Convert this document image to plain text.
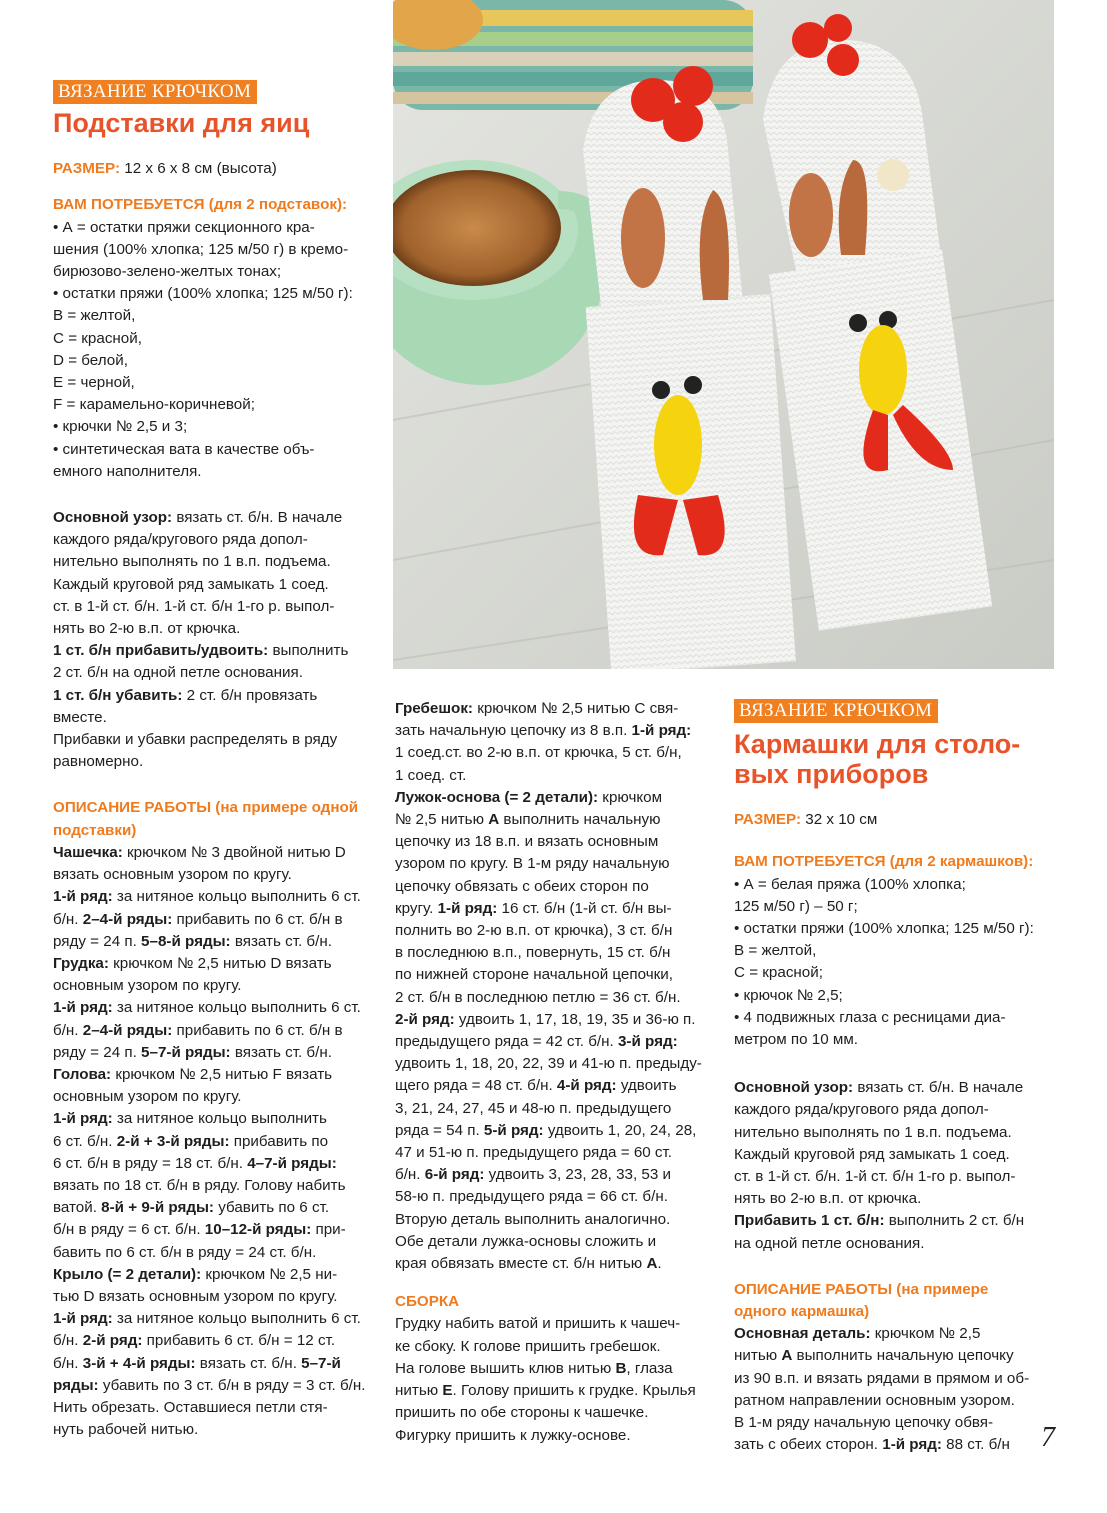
ВЯЗАНИЕ КРЮЧКОМ
Подставки для яиц

РАЗМЕР: 12 х 6 х 8 см (высота)

ВАМ ПОТРЕБУЕТСЯ (для 2 подставок):

• А = остатки пряжи секционного кра-

шения (100% хлопка; 125 м/50 г) в кремо-

бирюзово-зелено-желтых тонах;

• остатки пряжи (100% хлопка; 125 м/50 г):

В = желтой,

С = красной,

D = белой,

Е = черной,

F = карамельно-коричневой;

• крючки № 2,5 и 3;

• синтетическая вата в качестве объ-

емного наполнителя.

Основной узор: вязать ст. б/н. В начале

каждого ряда/кругового ряда допол-

нительно выполнять по 1 в.п. подъема.

Каждый круговой ряд замыкать 1 соед.

ст. в 1-й ст. б/н. 1-й ст. б/н 1-го р. выпол-

нять во 2-ю в.п. от крючка.

1 ст. б/н прибавить/удвоить: выполнить

2 ст. б/н на одной петле основания.

1 ст. б/н убавить: 2 ст. б/н провязать

вместе.

Прибавки и убавки распределять в ряду

равномерно.

ОПИСАНИЕ РАБОТЫ (на примере одной

подставки)

Чашечка: крючком № 3 двойной нитью D

вязать основным узором по кругу.

1-й ряд: за нитяное кольцо выполнить 6 ст.

б/н. 2–4-й ряды: прибавить по 6 ст. б/н в

ряду = 24 п. 5–8-й ряды: вязать ст. б/н.

Грудка: крючком № 2,5 нитью D вязать

основным узором по кругу.

1-й ряд: за нитяное кольцо выполнить 6 ст.

б/н. 2–4-й ряды: прибавить по 6 ст. б/н в

ряду = 24 п. 5–7-й ряды: вязать ст. б/н.

Голова: крючком № 2,5 нитью F вязать

основным узором по кругу.

1-й ряд: за нитяное кольцо выполнить

6 ст. б/н. 2-й + 3-й ряды: прибавить по

6 ст. б/н в ряду = 18 ст. б/н. 4–7-й ряды:

вязать по 18 ст. б/н в ряду. Голову набить

ватой. 8-й + 9-й ряды: убавить по 6 ст.

б/н в ряду = 6 ст. б/н. 10–12-й ряды: при-

бавить по 6 ст. б/н в ряду = 24 ст. б/н.

Крыло (= 2 детали): крючком № 2,5 ни-

тью D вязать основным узором по кругу.

1-й ряд: за нитяное кольцо выполнить 6 ст.

б/н. 2-й ряд: прибавить 6 ст. б/н = 12 ст.

б/н. 3-й + 4-й ряды: вязать ст. б/н. 5–7-й

ряды: убавить по 3 ст. б/н в ряду = 3 ст. б/н.

Нить обрезать. Оставшиеся петли стя-

нуть рабочей нитью.

Гребешок: крючком № 2,5 нитью С свя-

зать начальную цепочку из 8 в.п. 1-й ряд:

1 соед.ст. во 2-ю в.п. от крючка, 5 ст. б/н,

1 соед. ст.

Лужок-основа (= 2 детали): крючком

№ 2,5 нитью А выполнить начальную

цепочку из 18 в.п. и вязать основным

узором по кругу. В 1-м ряду начальную

цепочку обвязать с обеих сторон по

кругу. 1-й ряд: 16 ст. б/н (1-й ст. б/н вы-

полнить во 2-ю в.п. от крючка), 3 ст. б/н

в последнюю в.п., повернуть, 15 ст. б/н

по нижней стороне начальной цепочки,

2 ст. б/н в последнюю петлю = 36 ст. б/н.

2-й ряд: удвоить 1, 17, 18, 19, 35 и 36-ю п.

предыдущего ряда = 42 ст. б/н. 3-й ряд:

удвоить 1, 18, 20, 22, 39 и 41-ю п. предыду-

щего ряда = 48 ст. б/н. 4-й ряд: удвоить

3, 21, 24, 27, 45 и 48-ю п. предыдущего

ряда = 54 п. 5-й ряд: удвоить 1, 20, 24, 28,

47 и 51-ю п. предыдущего ряда = 60 ст.

б/н. 6-й ряд: удвоить 3, 23, 28, 33, 53 и

58-ю п. предыдущего ряда = 66 ст. б/н.

Вторую деталь выполнить аналогично.

Обе детали лужка-основы сложить и

края обвязать вместе ст. б/н нитью А.

СБОРКА

Грудку набить ватой и пришить к чашеч-

ке сбоку. К голове пришить гребешок.

На голове вышить клюв нитью В, глаза

нитью Е. Голову пришить к грудке. Крылья

пришить по обе стороны к чашечке.

Фигурку пришить к лужку-основе.

ВЯЗАНИЕ КРЮЧКОМ
Кармашки для столо-
вых приборов

РАЗМЕР: 32 х 10 см

ВАМ ПОТРЕБУЕТСЯ (для 2 кармашков):

• А = белая пряжа (100% хлопка;

125 м/50 г) – 50 г;

• остатки пряжи (100% хлопка; 125 м/50 г):

В = желтой,

С = красной;

• крючок № 2,5;

• 4 подвижных глаза с ресницами диа-

метром по 10 мм.

Основной узор: вязать ст. б/н. В начале

каждого ряда/кругового ряда допол-

нительно выполнять по 1 в.п. подъема.

Каждый круговой ряд замыкать 1 соед.

ст. в 1-й ст. б/н. 1-й ст. б/н 1-го р. выпол-

нять во 2-ю в.п. от крючка.

Прибавить 1 ст. б/н: выполнить 2 ст. б/н

на одной петле основания.

ОПИСАНИЕ РАБОТЫ (на примере

одного кармашка)

Основная деталь: крючком № 2,5

нитью А выполнить начальную цепочку

из 90 в.п. и вязать рядами в прямом и об-

ратном направлении основным узором.

В 1-м ряду начальную цепочку обвя-

зать с обеих сторон. 1-й ряд: 88 ст. б/н	7
